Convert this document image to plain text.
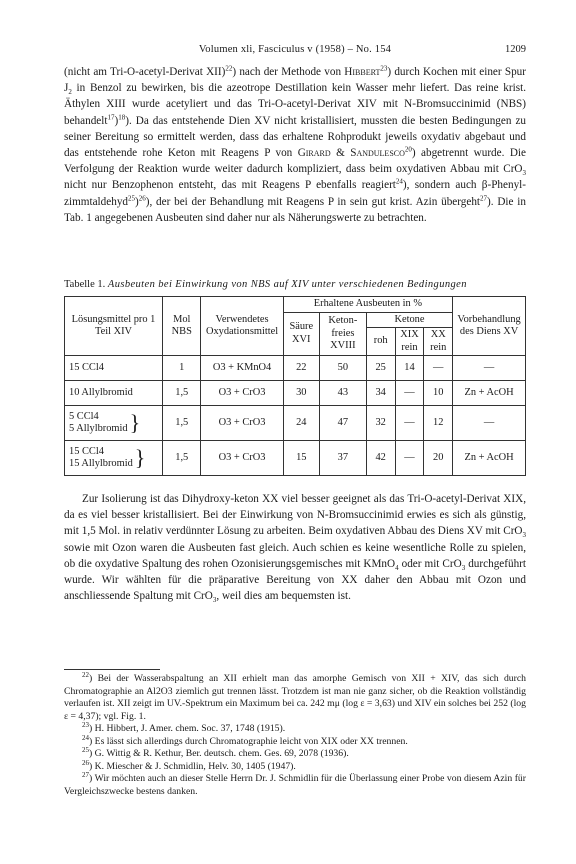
Volumen xli, Fasciculus v (1958) – No. 154	1209

(nicht am Tri-O-acetyl-Derivat XII)$^{22}$) nach der Methode von Hibbert$^{23}$) durch Kochen mit einer Spur $J_2$ in Benzol zu bewirken, bis die azeotrope Destillation kein Wasser mehr liefert. Das reine krist. Äthylen XIII wurde acetyliert und das Tri-O-acetyl-Derivat XIV mit N-Bromsuccinimid (NBS) behandelt$^{17}$)$^{18}$). Da das entstehende Dien XV nicht kristallisiert, mussten die besten Bedingungen zu seiner Bereitung so ermittelt werden, dass das erhaltene Rohprodukt jeweils oxydativ abgebaut und das entstehende rohe Keton mit Reagens P von Girard & Sandulesco$^{20}$) abgetrennt wurde. Die Verfolgung der Reaktion wurde weiter dadurch kompliziert, dass beim oxydativen Abbau mit CrO$_3$ nicht nur Benzophenon entsteht, das mit Reagens P ebenfalls reagiert$^{24}$), sondern auch β-Phenyl-zimmtaldehyd$^{25}$)$^{26}$), der bei der Behandlung mit Reagens P in sein gut krist. Azin übergeht$^{27}$). Die in Tab. 1 angegebenen Ausbeuten sind daher nur als Näherungswerte zu betrachten.

Tabelle 1. Ausbeuten bei Einwirkung von NBS auf XIV unter verschiedenen Bedingungen
Lösungsmittel pro 1 Teil XIV	Mol NBS	Verwendetes Oxydationsmittel	Erhaltene Ausbeuten in %					Vorbehandlung des Diens XV
			Säure XVI	Keton-freies XVIII	Ketone			
					roh	XIX rein	XX rein	
15 CCl4	1	O3 + KMnO4	22	50	25	14	—	—
10 Allylbromid	1,5	O3 + CrO3	30	43	34	—	10	Zn + AcOH
5 CCl4
5 Allylbromid}	1,5	O3 + CrO3	24	47	32	—	12	—
15 CCl4
15 Allylbromid}	1,5	O3 + CrO3	15	37	42	—	20	Zn + AcOH

Zur Isolierung ist das Dihydroxy-keton XX viel besser geeignet als das Tri-O-acetyl-Derivat XIX, da es viel besser kristallisiert. Bei der Einwirkung von N-Bromsuccinimid erwies es sich als günstig, mit 1,5 Mol. in relativ verdünnter Lösung zu arbeiten. Beim oxydativen Abbau des Diens XV mit CrO$_3$ sowie mit Ozon waren die Ausbeuten fast gleich. Auch schien es keine wesentliche Rolle zu spielen, ob die oxydative Spaltung des rohen Ozonisierungsgemisches mit KMnO$_4$ oder mit CrO$_3$ durchgeführt wurde. Wir wählten für die präparative Bereitung von XX daher den Abbau mit Ozon und anschliessende Spaltung mit CrO$_3$, weil dies am bequemsten ist.

$^{22}$) Bei der Wasserabspaltung an XII erhielt man das amorphe Gemisch von XII + XIV, das sich durch Chromatographie an Al2O3 ziemlich gut trennen lässt. Trotzdem ist man nie ganz sicher, ob die Reaktion vollständig verlaufen ist. XII zeigt im UV.-Spektrum ein Maximum bei ca. 242 mμ (log ε = 3,63) und XIV ein solches bei 252 (log ε = 4,37); vgl. Fig. 1.

$^{23}$) H. Hibbert, J. Amer. chem. Soc. 37, 1748 (1915).

$^{24}$) Es lässt sich allerdings durch Chromatographie leicht von XIX oder XX trennen.

$^{25}$) G. Wittig & R. Kethur, Ber. deutsch. chem. Ges. 69, 2078 (1936).

$^{26}$) K. Miescher & J. Schmidlin, Helv. 30, 1405 (1947).

$^{27}$) Wir möchten auch an dieser Stelle Herrn Dr. J. Schmidlin für die Überlassung einer Probe von diesem Azin für Vergleichszwecke bestens danken.
